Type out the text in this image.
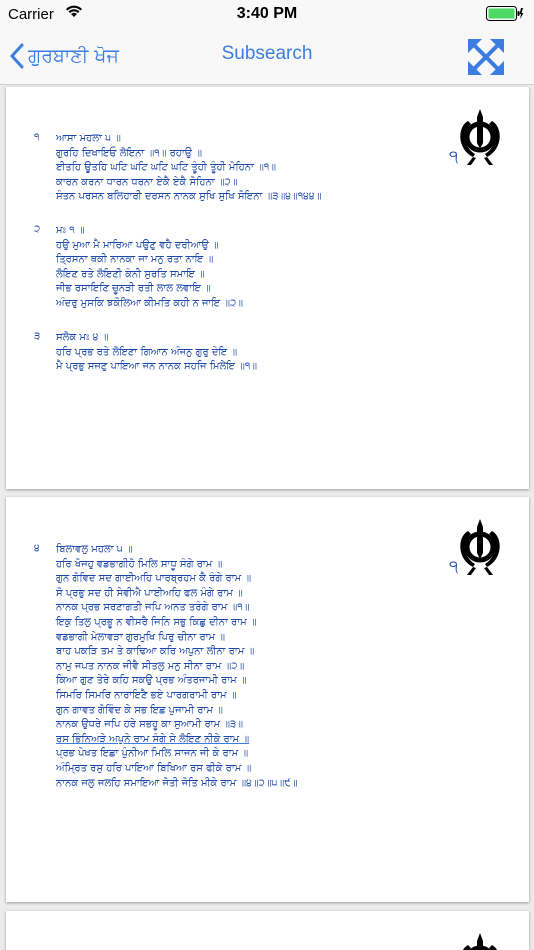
Carrier	3:40 PM
ਗੁਰਬਾਣੀ ਖੋਜ	Subsearch
੧
੧	ਆਸਾ ਮਹਲਾ ੫ ॥
ਗੁਰਹਿ ਦਿਖਾਇਓ ਲੋਇਨਾ ॥੧॥ ਰਹਾਉ ॥
ਈਤਹਿ ਊਤਹਿ ਘਟਿ ਘਟਿ ਘਟਿ ਘਟਿ ਤੂੰਹੀ ਤੂੰਹੀ ਮੋਹਿਨਾ ॥੧॥
ਕਾਰਨ ਕਰਨਾ ਧਾਰਨ ਧਰਨਾ ਏਕੈ ਏਕੈ ਸੋਹਿਨਾ ॥੨॥
ਸੰਤਨ ਪਰਸਨ ਬਲਿਹਾਰੀ ਦਰਸਨ ਨਾਨਕ ਸੁਖਿ ਸੁਖਿ ਸੋਇਨਾ ॥੩॥੪॥੧੪੪॥
੨	ਮਃ ੧ ॥
ਹਉ ਮੁਆ ਮੈ ਮਾਰਿਆ ਪਉਣੁ ਵਹੈ ਦਰੀਆਉ ॥
ਤ੍ਰਿਸਨਾ ਥਕੀ ਨਾਨਕਾ ਜਾ ਮਨੁ ਰਤਾ ਨਾਇ ॥
ਲੋਇਣ ਰਤੇ ਲੋਇਣੀ ਕੰਨੀ ਸੁਰਤਿ ਸਮਾਇ ॥
ਜੀਭ ਰਸਾਇਣਿ ਚੂਨੜੀ ਰਤੀ ਲਾਲ ਲਵਾਇ ॥
ਅੰਦਰੁ ਮੁਸਕਿ ਝਕੋਲਿਆ ਕੀਮਤਿ ਕਹੀ ਨ ਜਾਇ ॥੨॥
੩	ਸਲੋਕ ਮਃ ੪ ॥
ਹਰਿ ਪ੍ਰਭ ਰਤੇ ਲੋਇਣਾ ਗਿਆਨ ਅੰਜਨੁ ਗੁਰੁ ਦੇਇ ॥
ਮੈ ਪ੍ਰਭੁ ਸਜਣੁ ਪਾਇਆ ਜਨ ਨਾਨਕ ਸਹਜਿ ਮਿਲੇਇ ॥੧॥
੧
੪	ਬਿਲਾਵਲੁ ਮਹਲਾ ੫ ॥
ਹਰਿ ਖੋਜਹੁ ਵਡਭਾਗੀਹੋ ਮਿਲਿ ਸਾਧੂ ਸੰਗੇ ਰਾਮ ॥
ਗੁਨ ਗੋਵਿਦ ਸਦ ਗਾਈਅਹਿ ਪਾਰਬ੍ਰਹਮ ਕੈ ਰੰਗੇ ਰਾਮ ॥
ਸੋ ਪ੍ਰਭੁ ਸਦ ਹੀ ਸੇਵੀਐ ਪਾਈਅਹਿ ਫਲ ਮੰਗੇ ਰਾਮ ॥
ਨਾਨਕ ਪ੍ਰਭ ਸਰਣਾਗਤੀ ਜਪਿ ਅਨਤ ਤਰੰਗੇ ਰਾਮ ॥੧॥
ਇਕੁ ਤਿਲੁ ਪ੍ਰਭੂ ਨ ਵੀਸਰੈ ਜਿਨਿ ਸਭੁ ਕਿਛੁ ਦੀਨਾ ਰਾਮ ॥
ਵਡਭਾਗੀ ਮੇਲਾਵੜਾ ਗੁਰਮੁਖਿ ਪਿਰੁ ਚੀਨਾ ਰਾਮ ॥
ਬਾਹ ਪਕੜਿ ਤਮ ਤੇ ਕਾਢਿਆ ਕਰਿ ਅਪੁਨਾ ਲੀਨਾ ਰਾਮ ॥
ਨਾਮੁ ਜਪਤ ਨਾਨਕ ਜੀਵੈ ਸੀਤਲੁ ਮਨੁ ਸੀਨਾ ਰਾਮ ॥੨॥
ਕਿਆ ਗੁਣ ਤੇਰੇ ਕਹਿ ਸਕਉ ਪ੍ਰਭ ਅੰਤਰਜਾਮੀ ਰਾਮ ॥
ਸਿਮਰਿ ਸਿਮਰਿ ਨਾਰਾਇਣੈ ਭਏ ਪਾਰਗਰਾਮੀ ਰਾਮ ॥
ਗੁਨ ਗਾਵਤ ਗੋਵਿੰਦ ਕੇ ਸਭ ਇਛ ਪੁਜਾਮੀ ਰਾਮ ॥
ਨਾਨਕ ਉਧਰੇ ਜਪਿ ਹਰੇ ਸਭਹੂ ਕਾ ਸੁਆਮੀ ਰਾਮ ॥੩॥
ਰਸ ਭਿੰਨਿਅੜੇ ਅਪੁਨੇ ਰਾਮ ਸੰਗੇ ਸੇ ਲੋਇਣ ਨੀਕੇ ਰਾਮ ॥
ਪ੍ਰਭ ਪੇਖਤ ਇਛਾ ਪੁੰਨੀਆ ਮਿਲਿ ਸਾਜਨ ਜੀ ਕੇ ਰਾਮ ॥
ਅੰਮ੍ਰਿਤ ਰਸੁ ਹਰਿ ਪਾਇਆ ਬਿਖਿਆ ਰਸ ਫੀਕੇ ਰਾਮ ॥
ਨਾਨਕ ਜਲੁ ਜਲਹਿ ਸਮਾਇਆ ਜੋਤੀ ਜੋਤਿ ਮੀਕੇ ਰਾਮ ॥੪॥੨॥੫॥੯॥
